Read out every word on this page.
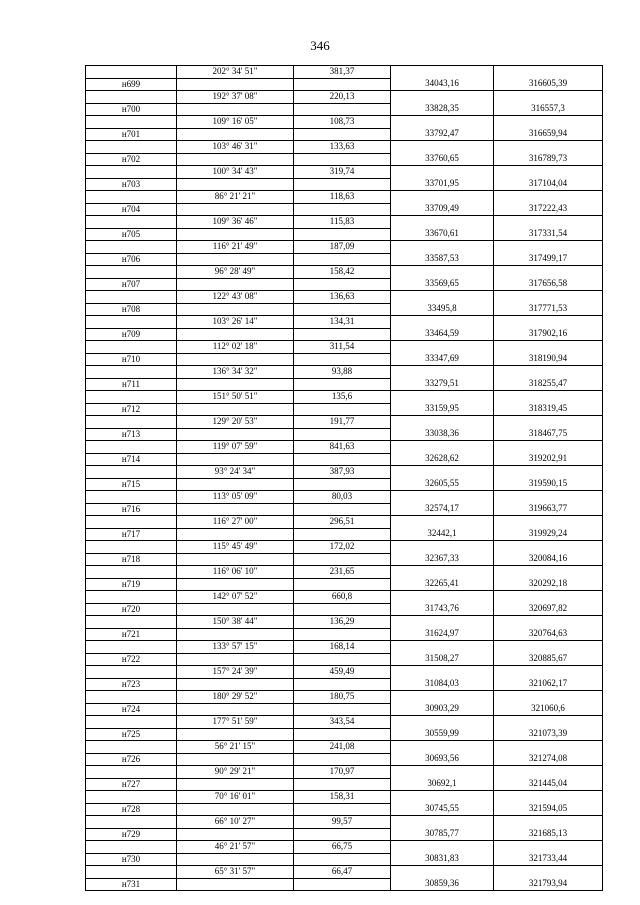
346
	202° 34' 51"	381,37		
н699			34043,16	316605,39
	192° 37' 08"	220,13		
н700			33828,35	316557,3
	109° 16' 05"	108,73		
н701			33792,47	316659,94
	103° 46' 31"	133,63		
н702			33760,65	316789,73
	100° 34' 43"	319,74		
н703			33701,95	317104,04
	86° 21' 21"	118,63		
н704			33709,49	317222,43
	109° 36' 46"	115,83		
н705			33670,61	317331,54
	116° 21' 49"	187,09		
н706			33587,53	317499,17
	96° 28' 49"	158,42		
н707			33569,65	317656,58
	122° 43' 08"	136,63		
н708			33495,8	317771,53
	103° 26' 14"	134,31		
н709			33464,59	317902,16
	112° 02' 18"	311,54		
н710			33347,69	318190,94
	136° 34' 32"	93,88		
н711			33279,51	318255,47
	151° 50' 51"	135,6		
н712			33159,95	318319,45
	129° 20' 53"	191,77		
н713			33038,36	318467,75
	119° 07' 59"	841,63		
н714			32628,62	319202,91
	93° 24' 34"	387,93		
н715			32605,55	319590,15
	113° 05' 09"	80,03		
н716			32574,17	319663,77
	116° 27' 00"	296,51		
н717			32442,1	319929,24
	115° 45' 49"	172,02		
н718			32367,33	320084,16
	116° 06' 10"	231,65		
н719			32265,41	320292,18
	142° 07' 52"	660,8		
н720			31743,76	320697,82
	150° 38' 44"	136,29		
н721			31624,97	320764,63
	133° 57' 15"	168,14		
н722			31508,27	320885,67
	157° 24' 39"	459,49		
н723			31084,03	321062,17
	180° 29' 52"	180,75		
н724			30903,29	321060,6
	177° 51' 59"	343,54		
н725			30559,99	321073,39
	56° 21' 15"	241,08		
н726			30693,56	321274,08
	90° 29' 21"	170,97		
н727			30692,1	321445,04
	70° 16' 01"	158,31		
н728			30745,55	321594,05
	66° 10' 27"	99,57		
н729			30785,77	321685,13
	46° 21' 57"	66,75		
н730			30831,83	321733,44
	65° 31' 57"	66,47		
н731			30859,36	321793,94
